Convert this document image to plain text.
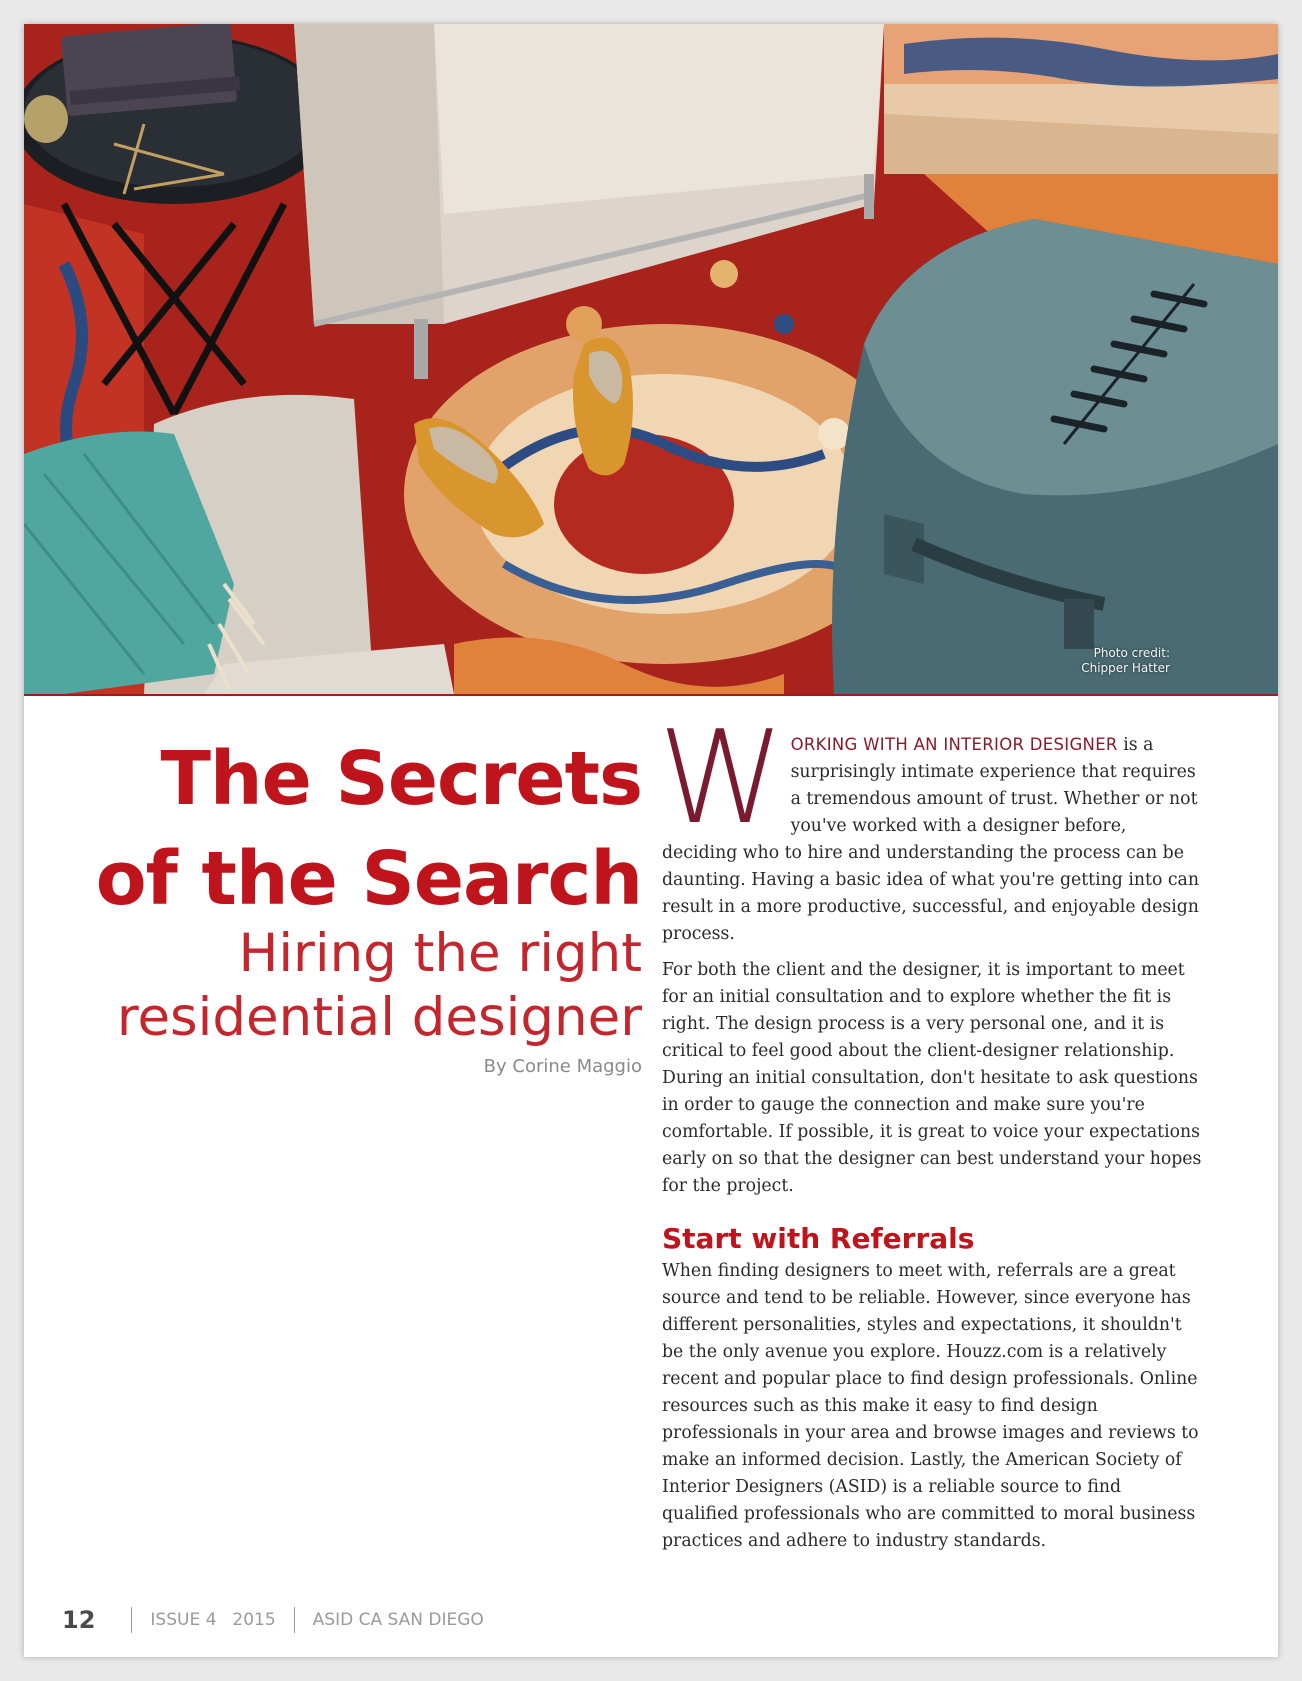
Photo credit:
Chipper Hatter
The Secrets
of the Search
Hiring the right
residential designer
By Corine Maggio

WORKING WITH AN INTERIOR DESIGNER is a surprisingly intimate experience that requires a tremendous amount of trust. Whether or not you've worked with a designer before, deciding who to hire and understanding the process can be daunting. Having a basic idea of what you're getting into can result in a more productive, successful, and enjoyable design process.

For both the client and the designer, it is important to meet for an initial consultation and to explore whether the fit is right. The design process is a very personal one, and it is critical to feel good about the client-designer relationship. During an initial consultation, don't hesitate to ask questions in order to gauge the connection and make sure you're comfortable. If possible, it is great to voice your expectations early on so that the designer can best understand your hopes for the project.

Start with Referrals

When finding designers to meet with, referrals are a great source and tend to be reliable. However, since everyone has different personalities, styles and expectations, it shouldn't be the only avenue you explore. Houzz.com is a relatively recent and popular place to find design professionals. Online resources such as this make it easy to find design professionals in your area and browse images and reviews to make an informed decision. Lastly, the American Society of Interior Designers (ASID) is a reliable source to find qualified professionals who are committed to moral business practices and adhere to industry standards.

12	ISSUE 4 2015 ASID CA SAN DIEGO
